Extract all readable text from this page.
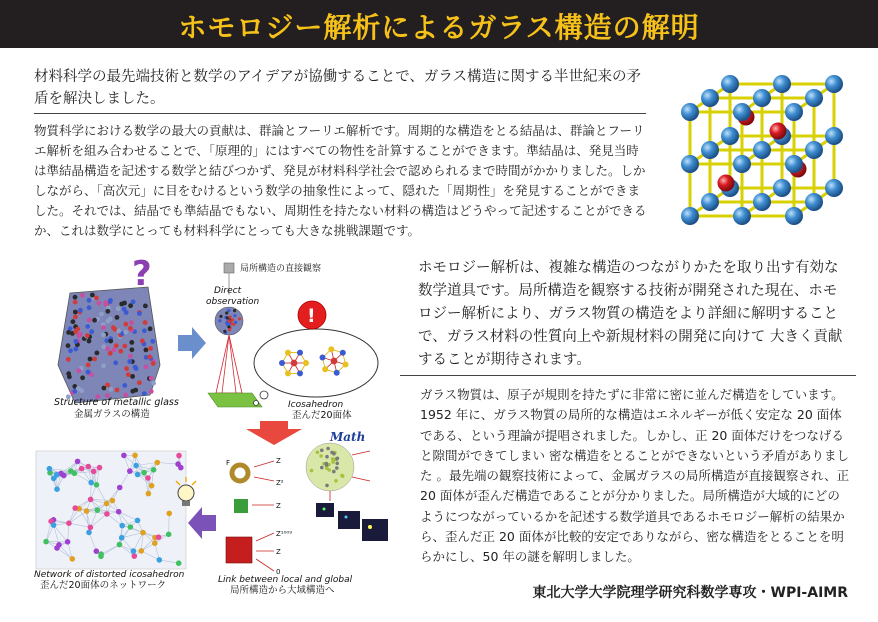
ホモロジー解析によるガラス構造の解明
材料科学の最先端技術と数学のアイデアが協働することで、ガラス構造に関する半世紀来の矛盾を解決しました。
物質科学における数学の最大の貢献は、群論とフーリエ解析です。周期的な構造をとる結晶は、群論とフーリエ解析を組み合わせることで、「原理的」にはすべての物性を計算することができます。準結晶は、発見当時は準結晶構造を記述する数学と結びつかず、発見が材料科学社会で認められるまで時間がかかりました。しかしながら、「高次元」に目をむけるという数学の抽象性によって、隠れた「周期性」を発見することができました。それでは、結晶でも準結晶でもない、周期性を持たない材料の構造はどうやって記述することができるか、これは数学にとっても材料科学にとっても大きな挑戦課題です。
?
Structure of metallic glass
金属ガラスの構造
局所構造の直接観察
Direct
observation
!
Icosahedron
歪んだ20面体
Network of distorted icosahedron
歪んだ20面体のネットワーク
F	Z
Z²
Z
Z¹⁰⁰⁹
Z
0
Math
Link between local and global
局所構造から大域構造へ
ホモロジー解析は、複雑な構造のつながりかたを取り出す有効な数学道具です。局所構造を観察する技術が開発された現在、ホモロジー解析により、ガラス物質の構造をより詳細に解明することで、ガラス材料の性質向上や新規材料の開発に向けて 大きく貢献することが期待されます。
ガラス物質は、原子が規則を持たずに非常に密に並んだ構造をしています。1952 年に、ガラス物質の局所的な構造はエネルギーが低く安定な 20 面体である、という理論が提唱されました。しかし、正 20 面体だけをつなげると隙間ができてしまい 密な構造をとることができないという矛盾がありました 。最先端の観察技術によって、金属ガラスの局所構造が直接観察され、正 20 面体が歪んだ構造であることが分かりました。局所構造が大域的にどのようにつながっているかを記述する数学道具であるホモロジー解析の結果から、歪んだ正 20 面体が比較的安定でありながら、密な構造をとることを明らかにし、50 年の謎を解明しました。
東北大学大学院理学研究科数学専攻・WPI-AIMR
